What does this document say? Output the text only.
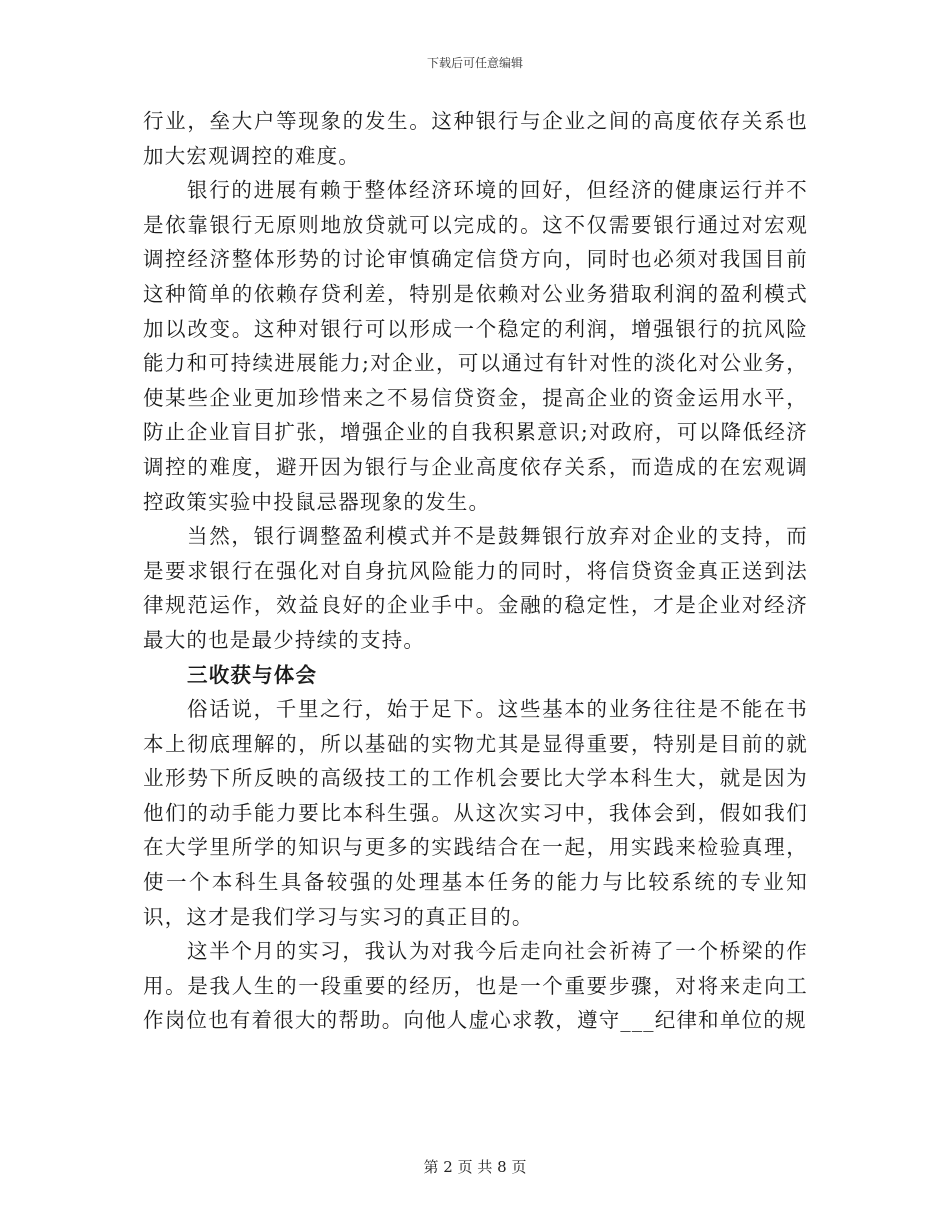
下载后可任意编辑

行业，垒大户等现象的发生。这种银行与企业之间的高度依存关系也加大宏观调控的难度。

银行的进展有赖于整体经济环境的回好，但经济的健康运行并不是依靠银行无原则地放贷就可以完成的。这不仅需要银行通过对宏观调控经济整体形势的讨论审慎确定信贷方向，同时也必须对我国目前这种简单的依赖存贷利差，特别是依赖对公业务猎取利润的盈利模式加以改变。这种对银行可以形成一个稳定的利润，增强银行的抗风险能力和可持续进展能力;对企业，可以通过有针对性的淡化对公业务，使某些企业更加珍惜来之不易信贷资金，提高企业的资金运用水平，防止企业盲目扩张，增强企业的自我积累意识;对政府，可以降低经济调控的难度，避开因为银行与企业高度依存关系，而造成的在宏观调控政策实验中投鼠忌器现象的发生。

当然，银行调整盈利模式并不是鼓舞银行放弃对企业的支持，而是要求银行在强化对自身抗风险能力的同时，将信贷资金真正送到法律规范运作，效益良好的企业手中。金融的稳定性，才是企业对经济最大的也是最少持续的支持。

三收获与体会

俗话说，千里之行，始于足下。这些基本的业务往往是不能在书本上彻底理解的，所以基础的实物尤其是显得重要，特别是目前的就业形势下所反映的高级技工的工作机会要比大学本科生大，就是因为他们的动手能力要比本科生强。从这次实习中，我体会到，假如我们在大学里所学的知识与更多的实践结合在一起，用实践来检验真理，使一个本科生具备较强的处理基本任务的能力与比较系统的专业知识，这才是我们学习与实习的真正目的。

这半个月的实习，我认为对我今后走向社会祈祷了一个桥梁的作用。是我人生的一段重要的经历，也是一个重要步骤，对将来走向工作岗位也有着很大的帮助。向他人虚心求教，遵守___纪律和单位的规

第 2 页 共 8 页
